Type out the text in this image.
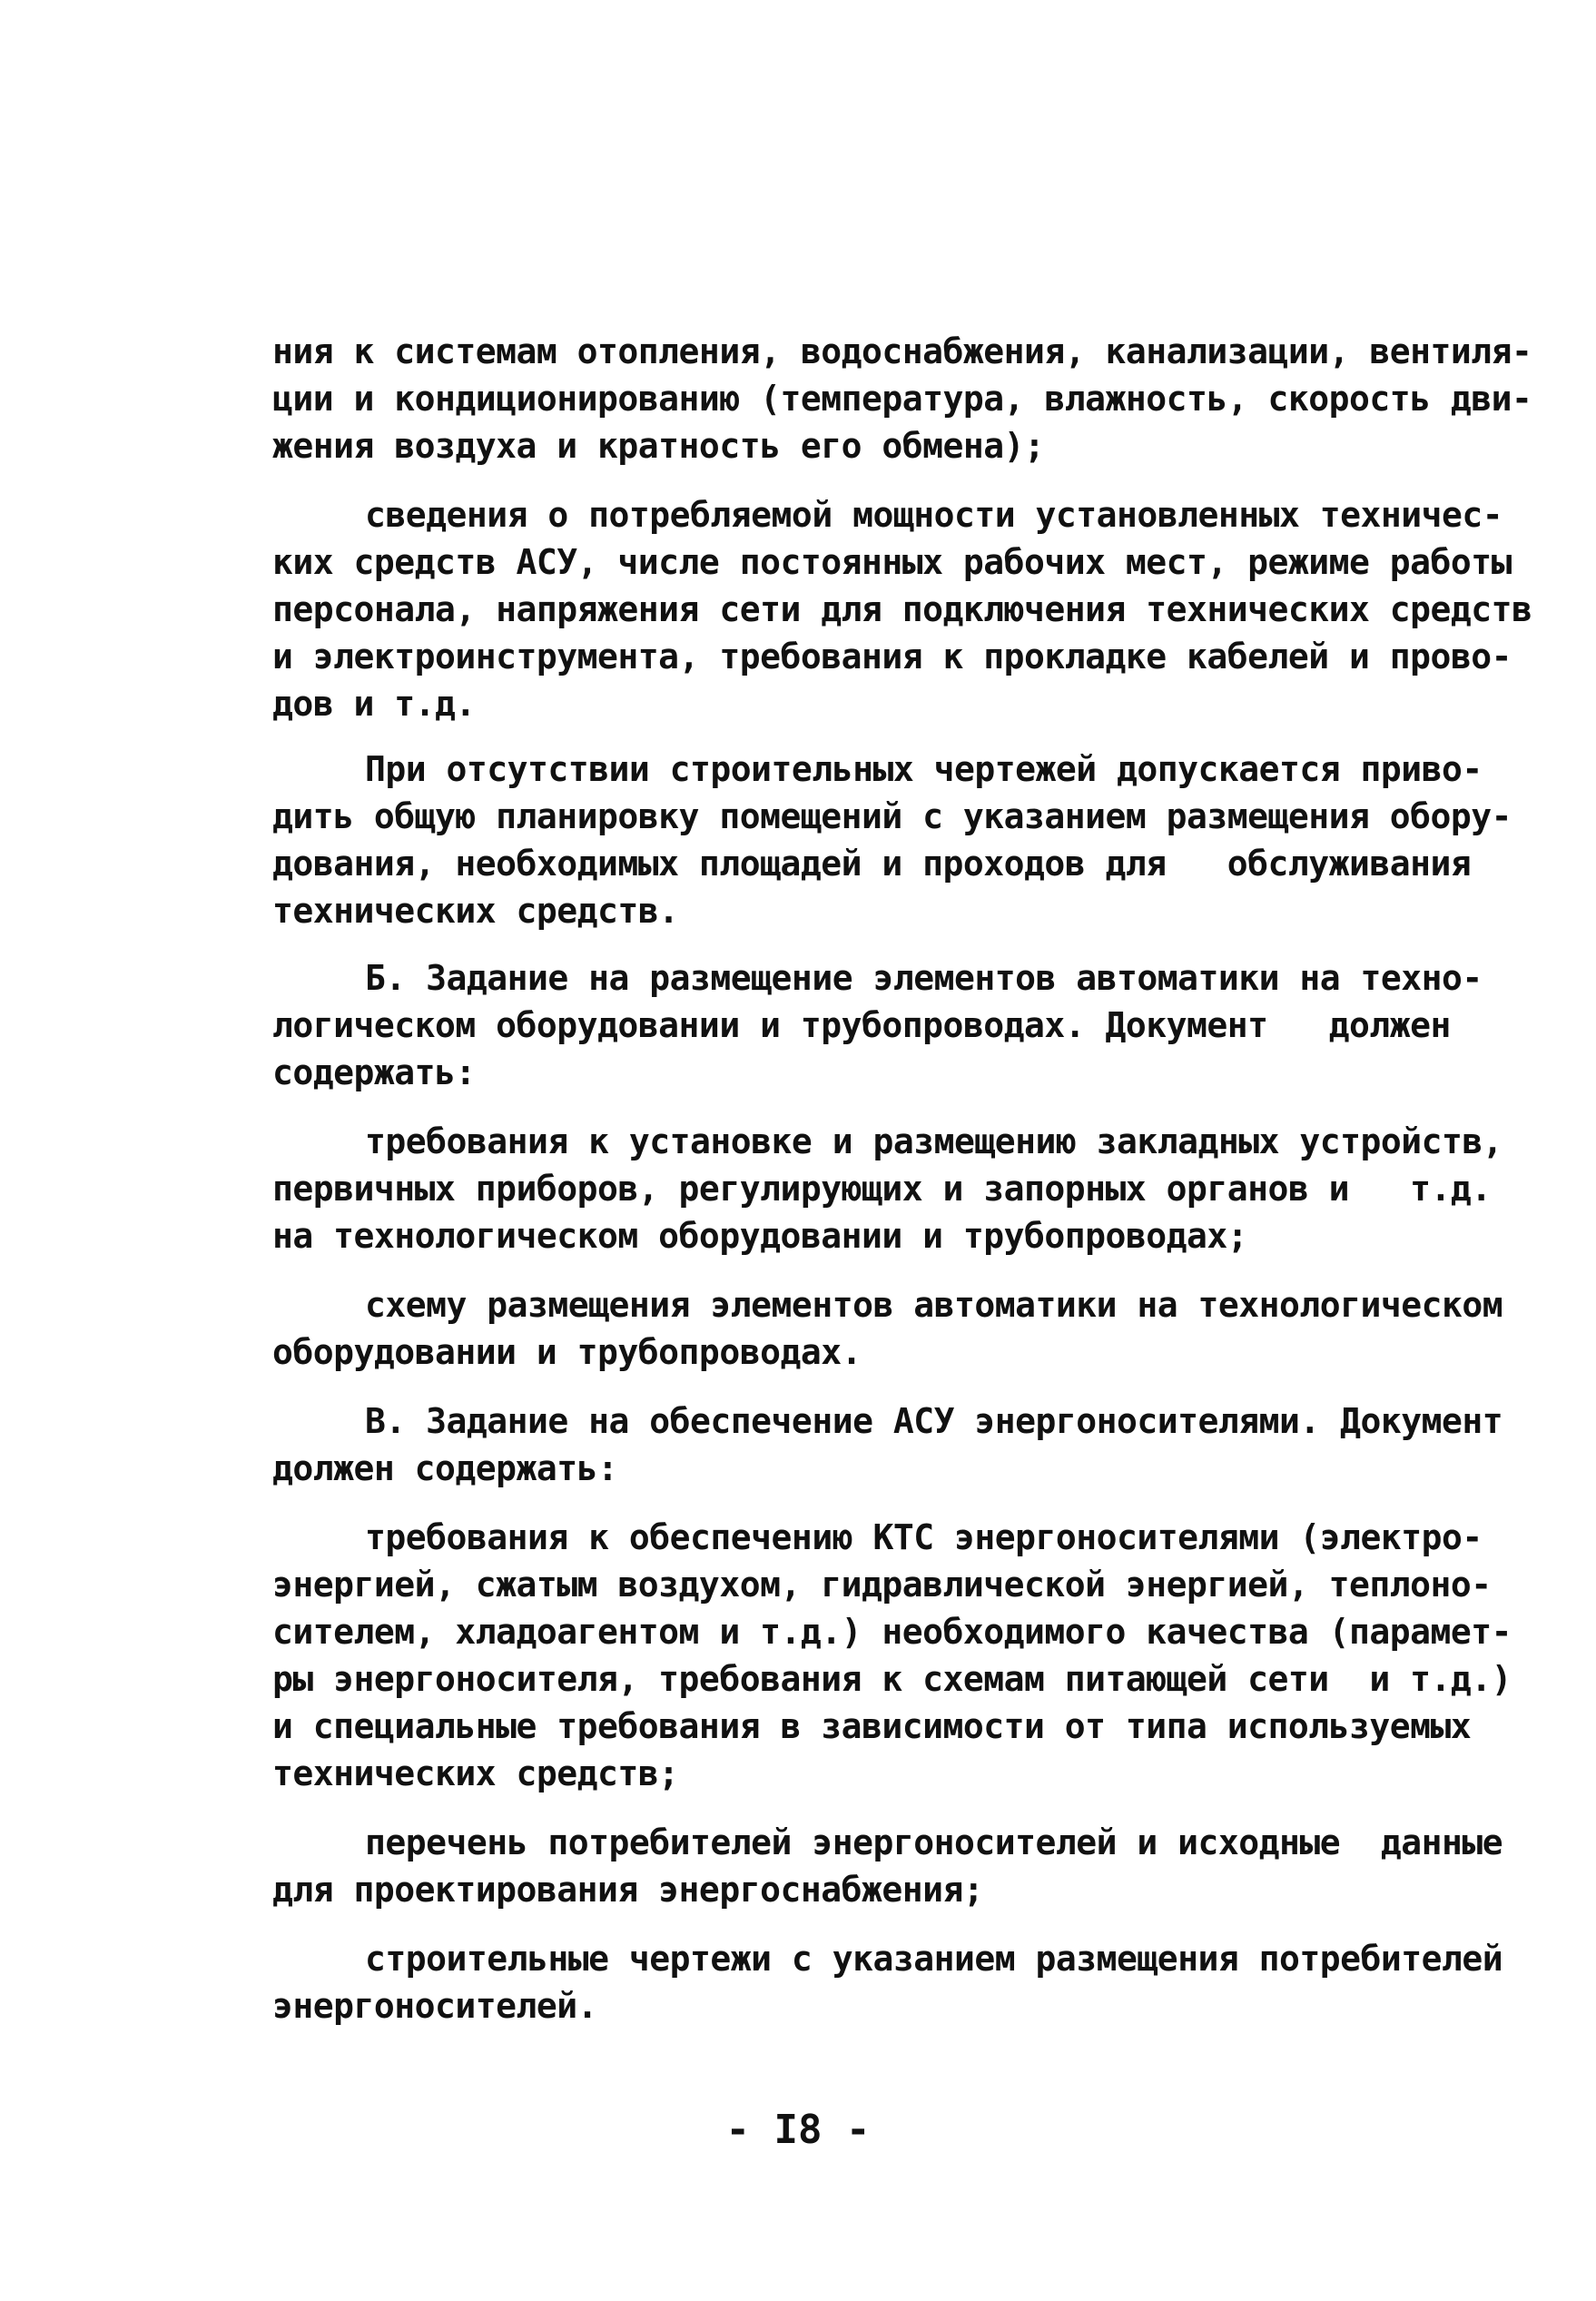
ния к системам отопления, водоснабжения, канализации, вентиля-
ции и кондиционированию (температура, влажность, скорость дви-
жения воздуха и кратность его обмена);
сведения о потребляемой мощности установленных техничес-
ких средств АСУ, числе постоянных рабочих мест, режиме работы
персонала, напряжения сети для подключения технических средств
и электроинструмента, требования к прокладке кабелей и прово-
дов и т.д.
При отсутствии строительных чертежей допускается приво-
дить общую планировку помещений с указанием размещения обору-
дования, необходимых площадей и проходов для   обслуживания
технических средств.
Б. Задание на размещение элементов автоматики на техно-
логическом оборудовании и трубопроводах. Документ   должен
содержать:
требования к установке и размещению закладных устройств,
первичных приборов, регулирующих и запорных органов и   т.д.
на технологическом оборудовании и трубопроводах;
схему размещения элементов автоматики на технологическом
оборудовании и трубопроводах.
В. Задание на обеспечение АСУ энергоносителями. Документ
должен содержать:
требования к обеспечению КТС энергоносителями (электро-
энергией, сжатым воздухом, гидравлической энергией, теплоно-
сителем, хладоагентом и т.д.) необходимого качества (парамет-
ры энергоносителя, требования к схемам питающей сети  и т.д.)
и специальные требования в зависимости от типа используемых
технических средств;
перечень потребителей энергоносителей и исходные  данные
для проектирования энергоснабжения;
строительные чертежи с указанием размещения потребителей
энергоносителей.
- I8 -
